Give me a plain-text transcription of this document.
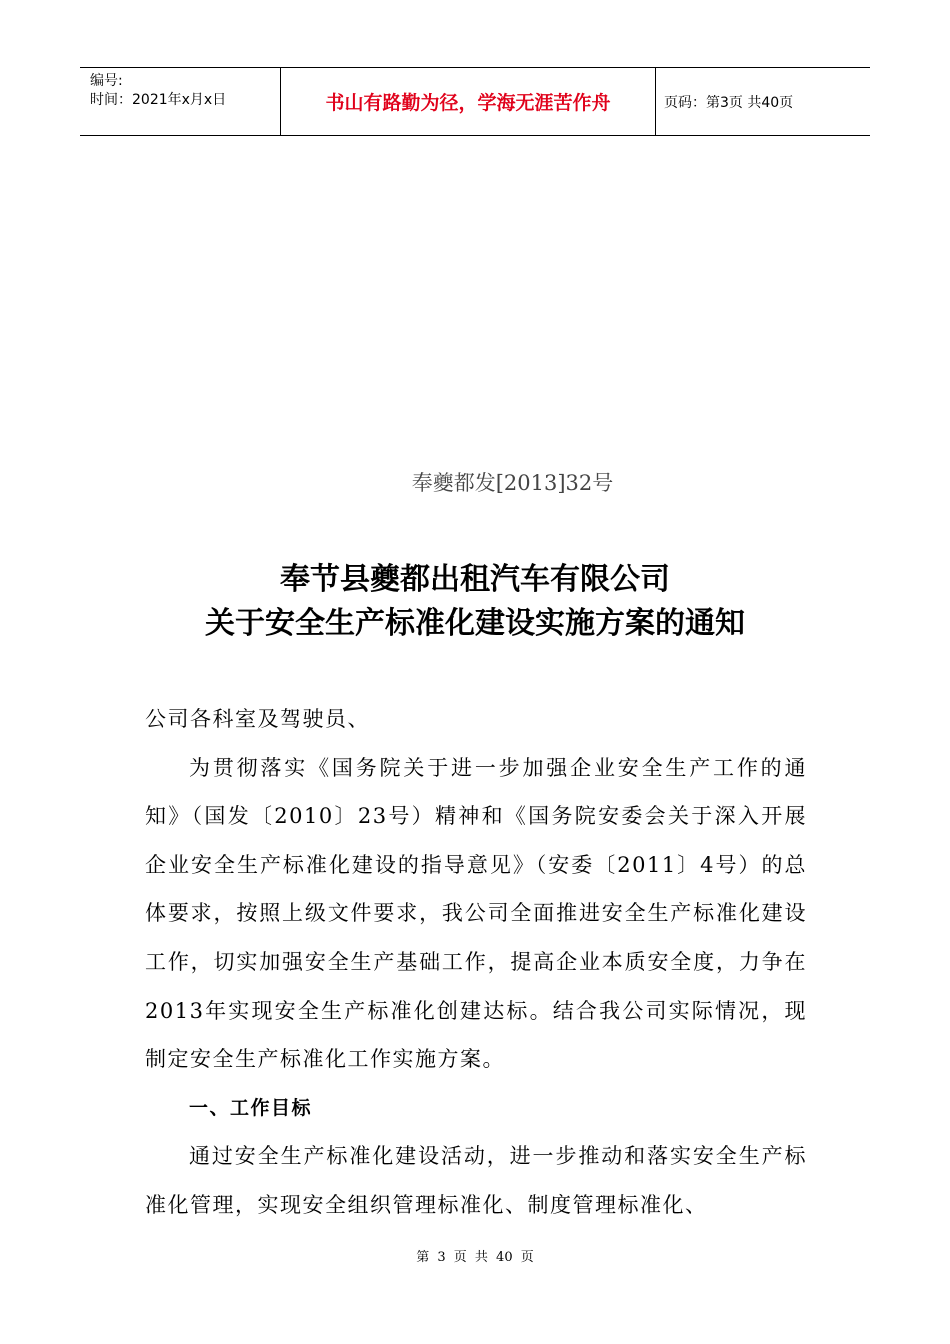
编号:
时间：2021年x月x日	书山有路勤为径，学海无涯苦作舟	页码：第3页 共40页
奉夔都发[2013]32号
奉节县夔都出租汽车有限公司
关于安全生产标准化建设实施方案的通知

公司各科室及驾驶员、

为贯彻落实《国务院关于进一步加强企业安全生产工作的通知》（国发〔2010〕23号）精神和《国务院安委会关于深入开展企业安全生产标准化建设的指导意见》（安委〔2011〕4号）的总体要求，按照上级文件要求，我公司全面推进安全生产标准化建设工作，切实加强安全生产基础工作，提高企业本质安全度，力争在2013年实现安全生产标准化创建达标。结合我公司实际情况，现制定安全生产标准化工作实施方案。

一、工作目标

通过安全生产标准化建设活动，进一步推动和落实安全生产标准化管理，实现安全组织管理标准化、制度管理标准化、

第 3 页 共 40 页
